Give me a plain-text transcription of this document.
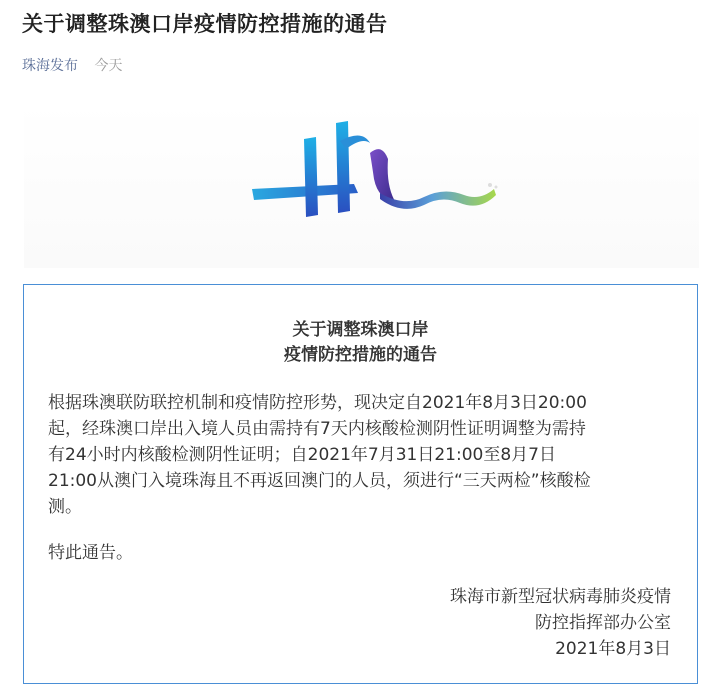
关于调整珠澳口岸疫情防控措施的通告
珠海发布 今天
关于调整珠澳口岸
疫情防控措施的通告
根据珠澳联防联控机制和疫情防控形势，现决定自2021年8月3日20:00
起，经珠澳口岸出入境人员由需持有7天内核酸检测阴性证明调整为需持
有24小时内核酸检测阴性证明；自2021年7月31日21:00至8月7日
21:00从澳门入境珠海且不再返回澳门的人员，须进行“三天两检”核酸检
测。
特此通告。
珠海市新型冠状病毒肺炎疫情
防控指挥部办公室
2021年8月3日
